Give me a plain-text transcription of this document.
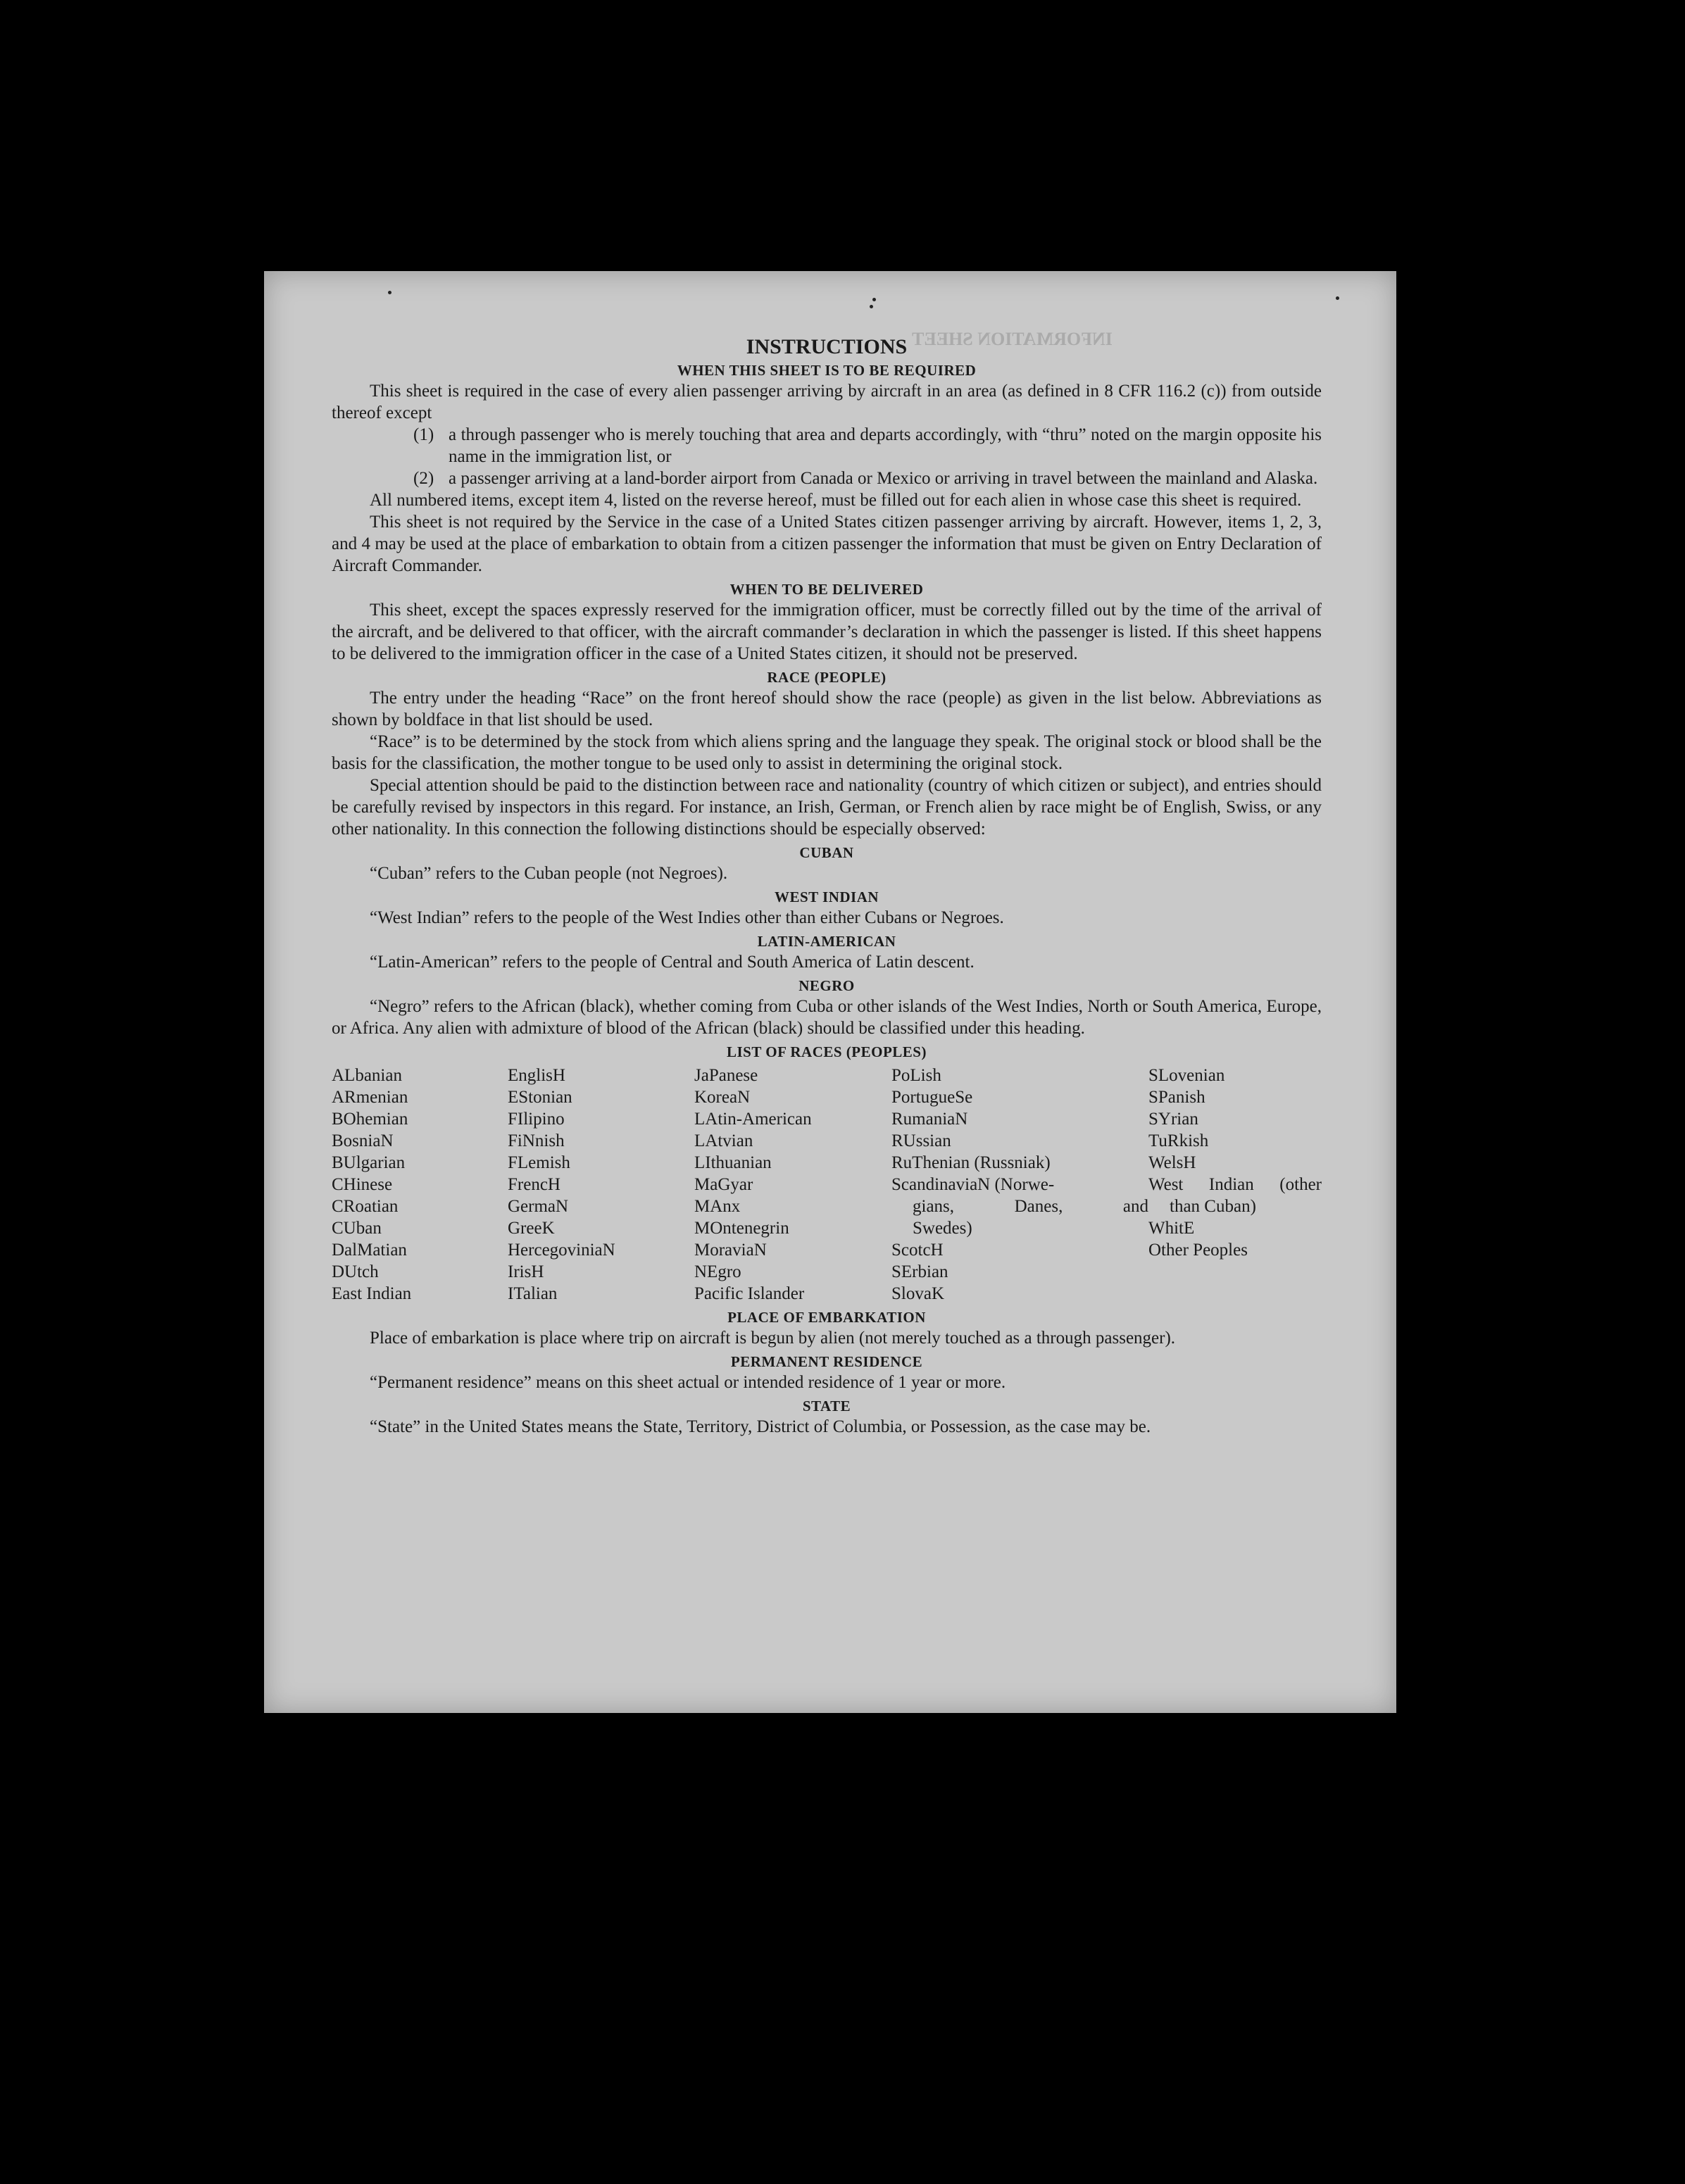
INFORMATION SHEET
INSTRUCTIONS
WHEN THIS SHEET IS TO BE REQUIRED

This sheet is required in the case of every alien passenger arriving by aircraft in an area (as defined in 8 CFR 116.2 (c)) from outside thereof except

(1) a through passenger who is merely touching that area and departs accordingly, with “thru” noted on the margin opposite his name in the immigration list, or
(2) a passenger arriving at a land-border airport from Canada or Mexico or arriving in travel between the mainland and Alaska.

All numbered items, except item 4, listed on the reverse hereof, must be filled out for each alien in whose case this sheet is required.

This sheet is not required by the Service in the case of a United States citizen passenger arriving by aircraft. However, items 1, 2, 3, and 4 may be used at the place of embarkation to obtain from a citizen passenger the information that must be given on Entry Declaration of Aircraft Commander.

WHEN TO BE DELIVERED

This sheet, except the spaces expressly reserved for the immigration officer, must be correctly filled out by the time of the arrival of the aircraft, and be delivered to that officer, with the aircraft commander’s declaration in which the passenger is listed. If this sheet happens to be delivered to the immigration officer in the case of a United States citizen, it should not be preserved.

RACE (PEOPLE)

The entry under the heading “Race” on the front hereof should show the race (people) as given in the list below. Abbreviations as shown by boldface in that list should be used.

“Race” is to be determined by the stock from which aliens spring and the language they speak. The original stock or blood shall be the basis for the classification, the mother tongue to be used only to assist in determining the original stock.

Special attention should be paid to the distinction between race and nationality (country of which citizen or subject), and entries should be carefully revised by inspectors in this regard. For instance, an Irish, German, or French alien by race might be of English, Swiss, or any other nationality. In this connection the following distinctions should be especially observed:

CUBAN

“Cuban” refers to the Cuban people (not Negroes).

WEST INDIAN

“West Indian” refers to the people of the West Indies other than either Cubans or Negroes.

LATIN-AMERICAN

“Latin-American” refers to the people of Central and South America of Latin descent.

NEGRO

“Negro” refers to the African (black), whether coming from Cuba or other islands of the West Indies, North or South America, Europe, or Africa. Any alien with admixture of blood of the African (black) should be classified under this heading.

LIST OF RACES (PEOPLES)
ALbanian
ARmenian
BOhemian
BosniaN
BUlgarian
CHinese
CRoatian
CUban
DalMatian
DUtch
East Indian
EnglisH
EStonian
FIlipino
FiNnish
FLemish
FrencH
GermaN
GreeK
HercegoviniaN
IrisH
ITalian
JaPanese
KoreaN
LAtin-American
LAtvian
LIthuanian
MaGyar
MAnx
MOntenegrin
MoraviaN
NEgro
Pacific Islander
PoLish
PortugueSe
RumaniaN
RUssian
RuThenian (Russniak)
ScandinaviaN (Norwe-
gians, Danes, and
Swedes)
ScotcH
SErbian
SlovaK
SLovenian
SPanish
SYrian
TuRkish
WelsH
West Indian (other
than Cuban)
WhitE
Other Peoples
PLACE OF EMBARKATION

Place of embarkation is place where trip on aircraft is begun by alien (not merely touched as a through passenger).

PERMANENT RESIDENCE

“Permanent residence” means on this sheet actual or intended residence of 1 year or more.

STATE

“State” in the United States means the State, Territory, District of Columbia, or Possession, as the case may be.
